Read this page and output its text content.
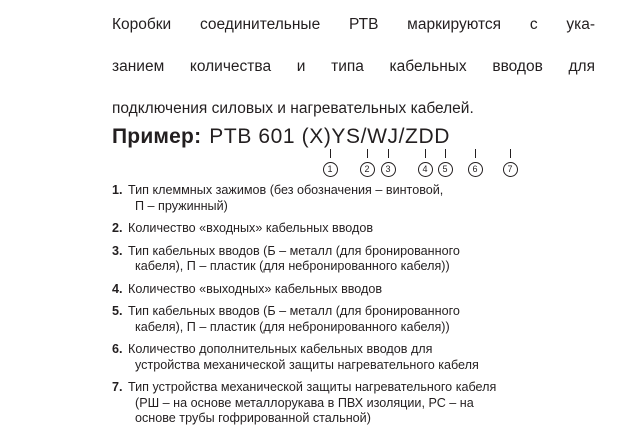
Коробки соединительные РТВ маркируются с ука-
занием количества и типа кабельных вводов для
подключения силовых и нагревательных кабелей.

Пример: PTB 601 (X)YS/WJ/ZDD
1	2	3	4	5	6	7
1. Тип клеммных зажимов (без обозначения – винтовой,
П – пружинный)
2. Количество «входных» кабельных вводов
3. Тип кабельных вводов (Б – металл (для бронированного
кабеля), П – пластик (для небронированного кабеля))
4. Количество «выходных» кабельных вводов
5. Тип кабельных вводов (Б – металл (для бронированного
кабеля), П – пластик (для небронированного кабеля))
6. Количество дополнительных кабельных вводов для
устройства механической защиты нагревательного кабеля
7. Тип устройства механической защиты нагревательного кабеля
(РШ – на основе металлорукава в ПВХ изоляции, РС – на
основе трубы гофрированной стальной)
